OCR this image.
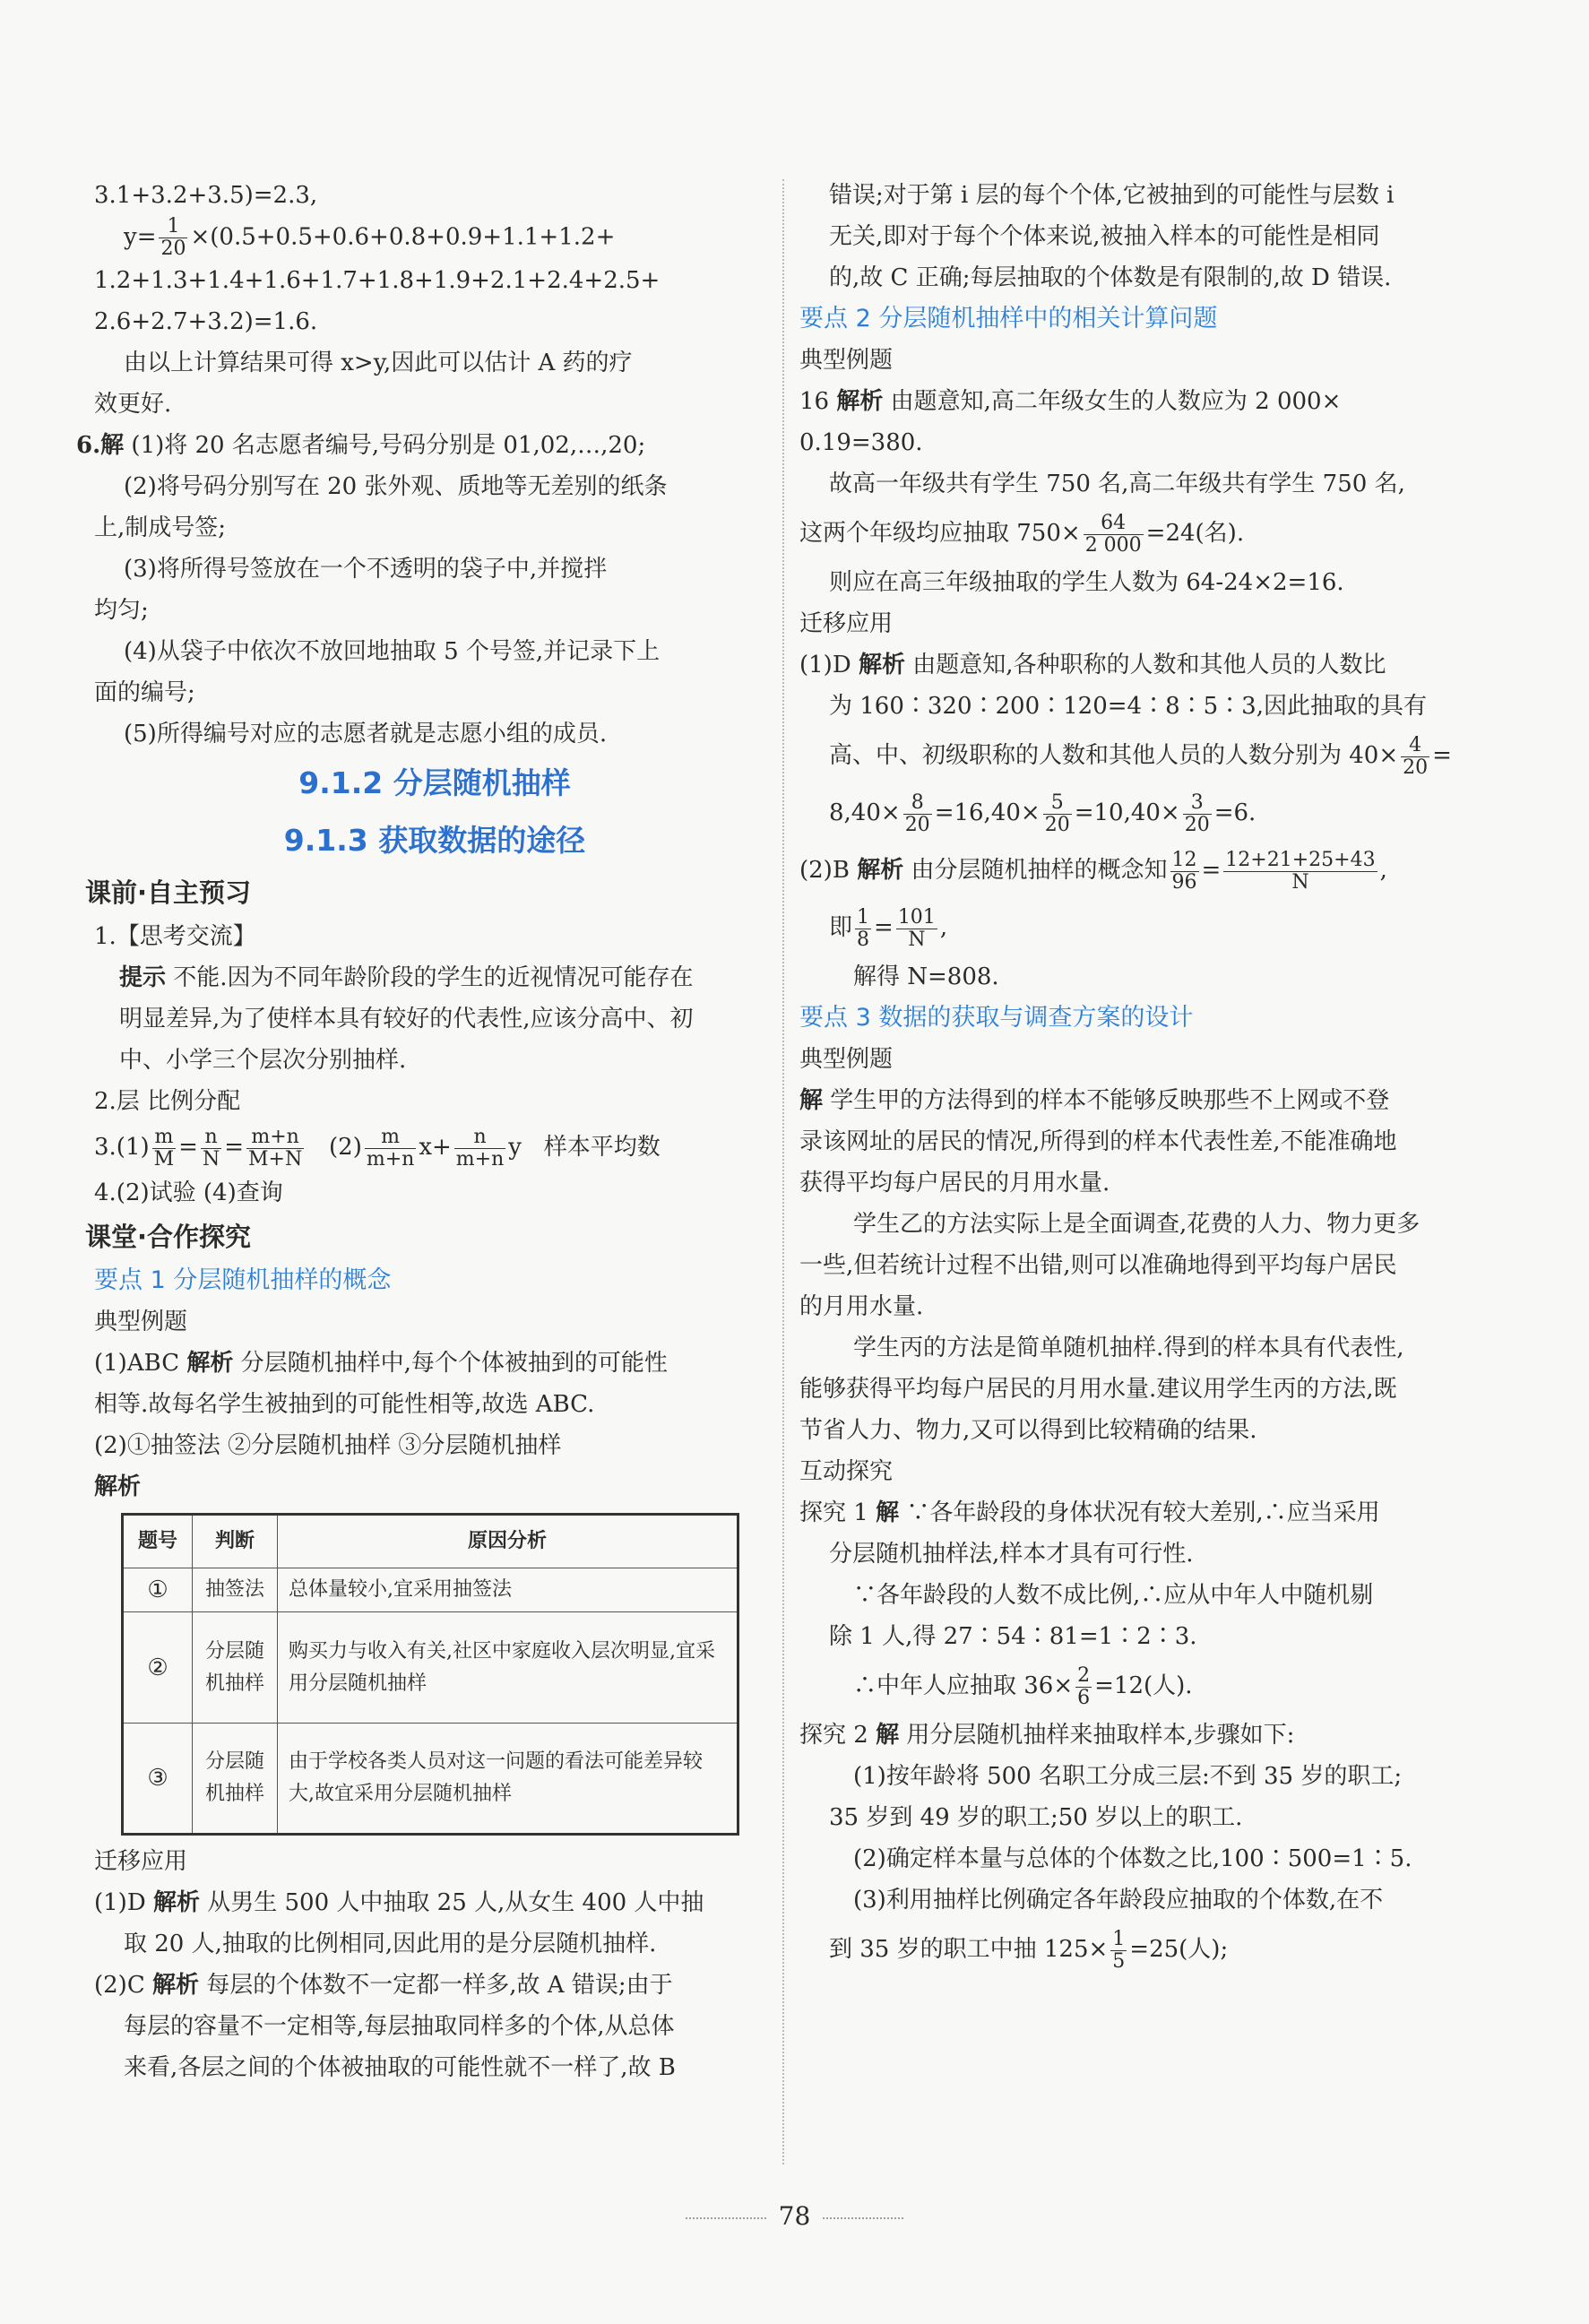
3.1+3.2+3.5)=2.3,
$y= \frac{1}{20} \times(0.5+0.5+0.6+0.8+0.9+1.1+1.2+$
1.2+1.3+1.4+1.6+1.7+1.8+1.9+2.1+2.4+2.5+
2.6+2.7+3.2)=1.6.
由以上计算结果可得 x>y,因此可以估计 A 药的疗
效更好.
6.解 (1)将 20 名志愿者编号,号码分别是 01,02,…,20;
(2)将号码分别写在 20 张外观、质地等无差别的纸条
上,制成号签;
(3)将所得号签放在一个不透明的袋子中,并搅拌
均匀;
(4)从袋子中依次不放回地抽取 5 个号签,并记录下上
面的编号;
(5)所得编号对应的志愿者就是志愿小组的成员.
9.1.2 分层随机抽样
9.1.3 获取数据的途径
课前·自主预习
1.【思考交流】
提示 不能.因为不同年龄阶段的学生的近视情况可能存在
明显差异,为了使样本具有较好的代表性,应该分高中、初
中、小学三个层次分别抽样.
2.层 比例分配
$3.(1) \frac{m}{M} = \frac{n}{N} = \frac{m+n}{M+N} (2) \frac{m}{m+n} x+ \frac{n}{m+n}$ y 样本平均数
4.(2)试验 (4)查询
课堂·合作探究
要点 1 分层随机抽样的概念
典型例题
(1)ABC 解析 分层随机抽样中,每个个体被抽到的可能性
相等.故每名学生被抽到的可能性相等,故选 ABC.
(2)①抽签法 ②分层随机抽样 ③分层随机抽样
解析
题号	判断	原因分析
①	抽签法	总体量较小,宜采用抽签法
②	分层随机抽样	购买力与收入有关,社区中家庭收入层次明显,宜采用分层随机抽样
③	分层随机抽样	由于学校各类人员对这一问题的看法可能差异较大,故宜采用分层随机抽样
迁移应用
(1)D 解析 从男生 500 人中抽取 25 人,从女生 400 人中抽
取 20 人,抽取的比例相同,因此用的是分层随机抽样.
(2)C 解析 每层的个体数不一定都一样多,故 A 错误;由于
每层的容量不一定相等,每层抽取同样多的个体,从总体
来看,各层之间的个体被抽取的可能性就不一样了,故 B
错误;对于第 i 层的每个个体,它被抽到的可能性与层数 i
无关,即对于每个个体来说,被抽入样本的可能性是相同
的,故 C 正确;每层抽取的个体数是有限制的,故 D 错误.
要点 2 分层随机抽样中的相关计算问题
典型例题
16 解析 由题意知,高二年级女生的人数应为 2 000×
0.19=380.
故高一年级共有学生 750 名,高二年级共有学生 750 名,
这两个年级均应抽取 $750\times \frac{64}{2 000} =24$(名).
则应在高三年级抽取的学生人数为 64-24×2=16.
迁移应用
(1)D 解析 由题意知,各种职称的人数和其他人员的人数比
为 160∶320∶200∶120=4∶8∶5∶3,因此抽取的具有
高、中、初级职称的人数和其他人员的人数分别为 $40\times \frac{4}{20}$ =
$8,40\times \frac{8}{20} =16,40\times \frac{5}{20} =10,40\times \frac{3}{20} =6$.
(2)B 解析 由分层随机抽样的概念知 $\frac{12}{96} = \frac{12+21+25+43}{N}$ ,
即 $\frac{1}{8} = \frac{101}{N}$ ,
解得 N=808.
要点 3 数据的获取与调查方案的设计
典型例题
解 学生甲的方法得到的样本不能够反映那些不上网或不登
录该网址的居民的情况,所得到的样本代表性差,不能准确地
获得平均每户居民的月用水量.
学生乙的方法实际上是全面调查,花费的人力、物力更多
一些,但若统计过程不出错,则可以准确地得到平均每户居民
的月用水量.
学生丙的方法是简单随机抽样.得到的样本具有代表性,
能够获得平均每户居民的月用水量.建议用学生丙的方法,既
节省人力、物力,又可以得到比较精确的结果.
互动探究
探究 1 解 ∵各年龄段的身体状况有较大差别,∴应当采用
分层随机抽样法,样本才具有可行性.
∵各年龄段的人数不成比例,∴应从中年人中随机剔
除 1 人,得 27∶54∶81=1∶2∶3.
∴中年人应抽取 $36\times \frac{2}{6} =12$(人).
探究 2 解 用分层随机抽样来抽取样本,步骤如下:
(1)按年龄将 500 名职工分成三层:不到 35 岁的职工;
35 岁到 49 岁的职工;50 岁以上的职工.
(2)确定样本量与总体的个体数之比,100∶500=1∶5.
(3)利用抽样比例确定各年龄段应抽取的个体数,在不
到 35 岁的职工中抽 $125\times \frac{1}{5} =25$(人);
78
